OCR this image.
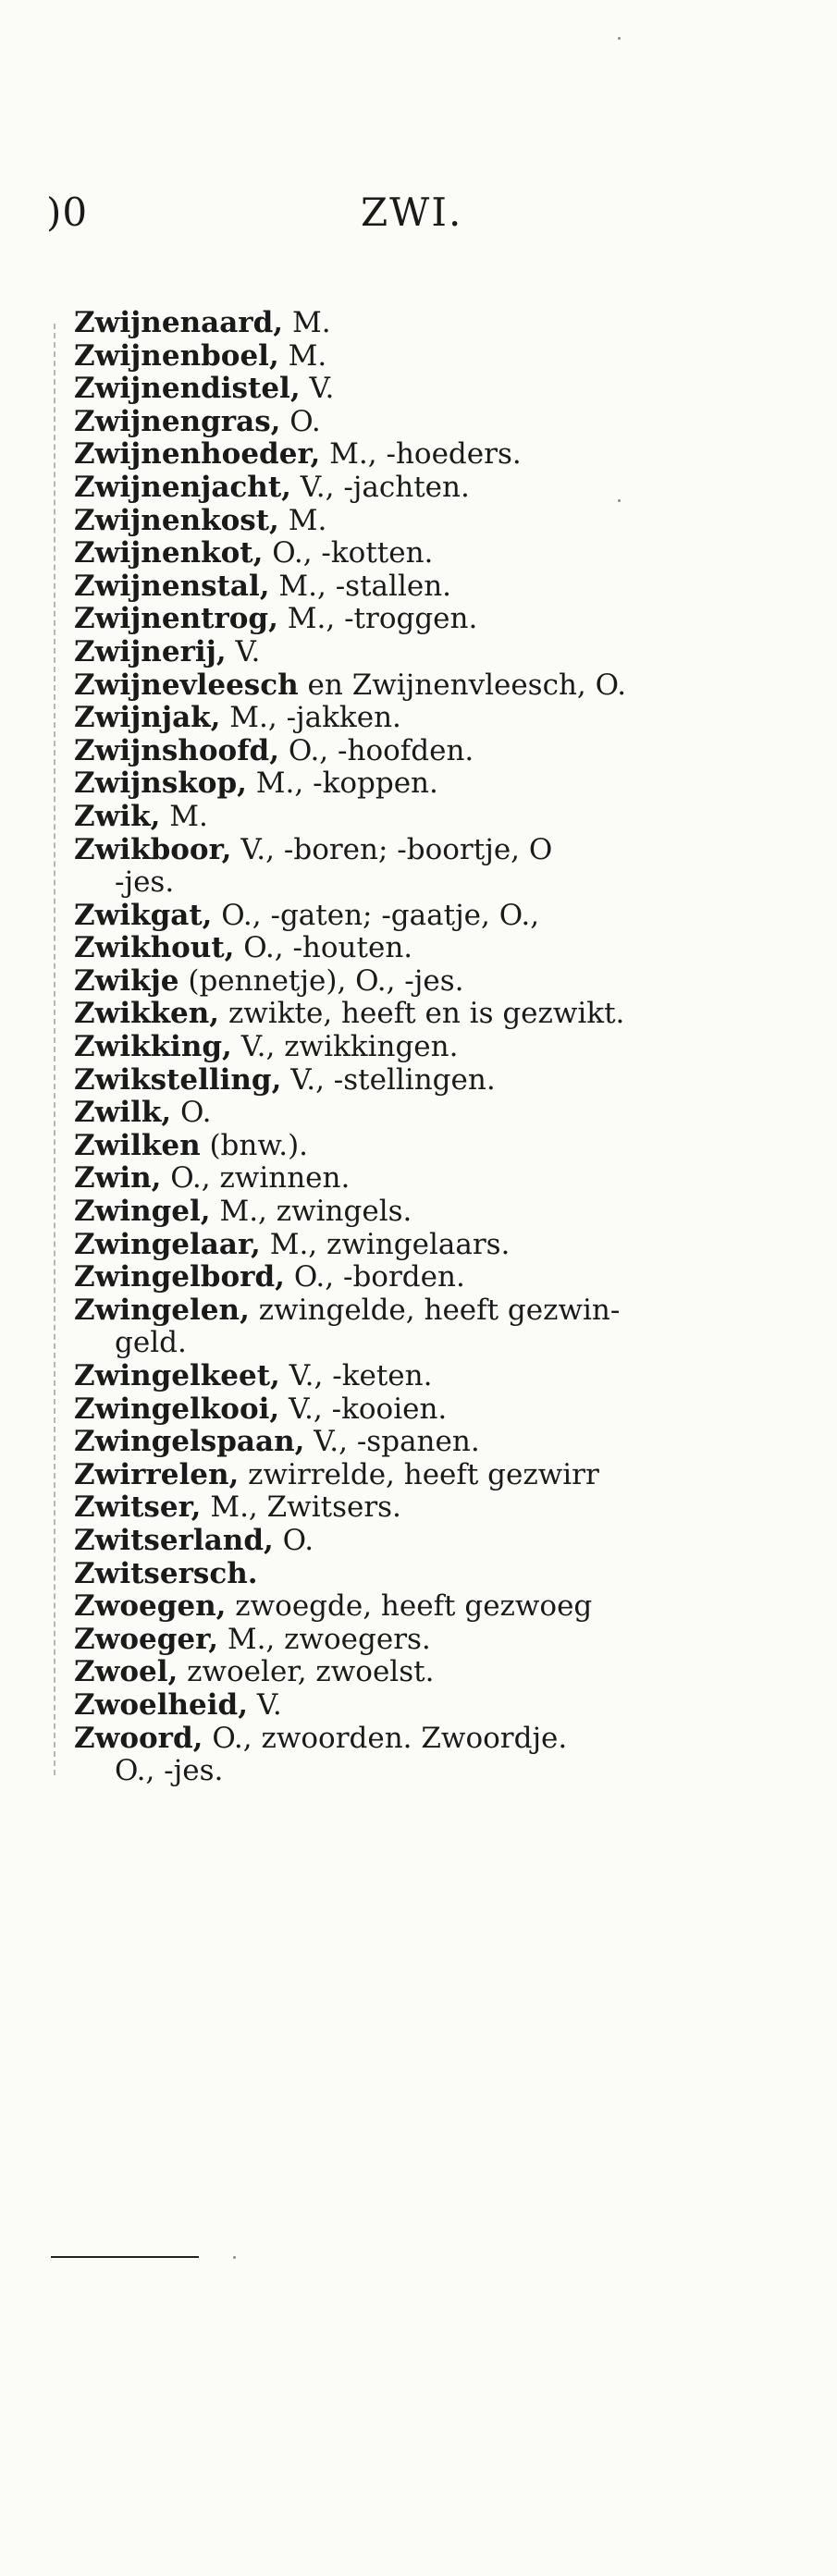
)0	ZWI.
Zwijnenaard, M.
Zwijnenboel, M.
Zwijnendistel, V.
Zwijnengras, O.
Zwijnenhoeder, M., -hoeders.
Zwijnenjacht, V., -jachten.
Zwijnenkost, M.
Zwijnenkot, O., -kotten.
Zwijnenstal, M., -stallen.
Zwijnentrog, M., -troggen.
Zwijnerij, V.
Zwijnevleesch en Zwijnenvleesch, O.
Zwijnjak, M., -jakken.
Zwijnshoofd, O., -hoofden.
Zwijnskop, M., -koppen.
Zwik, M.
Zwikboor, V., -boren; -boortje, O
-jes.
Zwikgat, O., -gaten; -gaatje, O.,
Zwikhout, O., -houten.
Zwikje (pennetje), O., -jes.
Zwikken, zwikte, heeft en is gezwikt.
Zwikking, V., zwikkingen.
Zwikstelling, V., -stellingen.
Zwilk, O.
Zwilken (bnw.).
Zwin, O., zwinnen.
Zwingel, M., zwingels.
Zwingelaar, M., zwingelaars.
Zwingelbord, O., -borden.
Zwingelen, zwingelde, heeft gezwin-
geld.
Zwingelkeet, V., -keten.
Zwingelkooi, V., -kooien.
Zwingelspaan, V., -spanen.
Zwirrelen, zwirrelde, heeft gezwirr
Zwitser, M., Zwitsers.
Zwitserland, O.
Zwitsersch.
Zwoegen, zwoegde, heeft gezwoeg
Zwoeger, M., zwoegers.
Zwoel, zwoeler, zwoelst.
Zwoelheid, V.
Zwoord, O., zwoorden. Zwoordje.
O., -jes.
